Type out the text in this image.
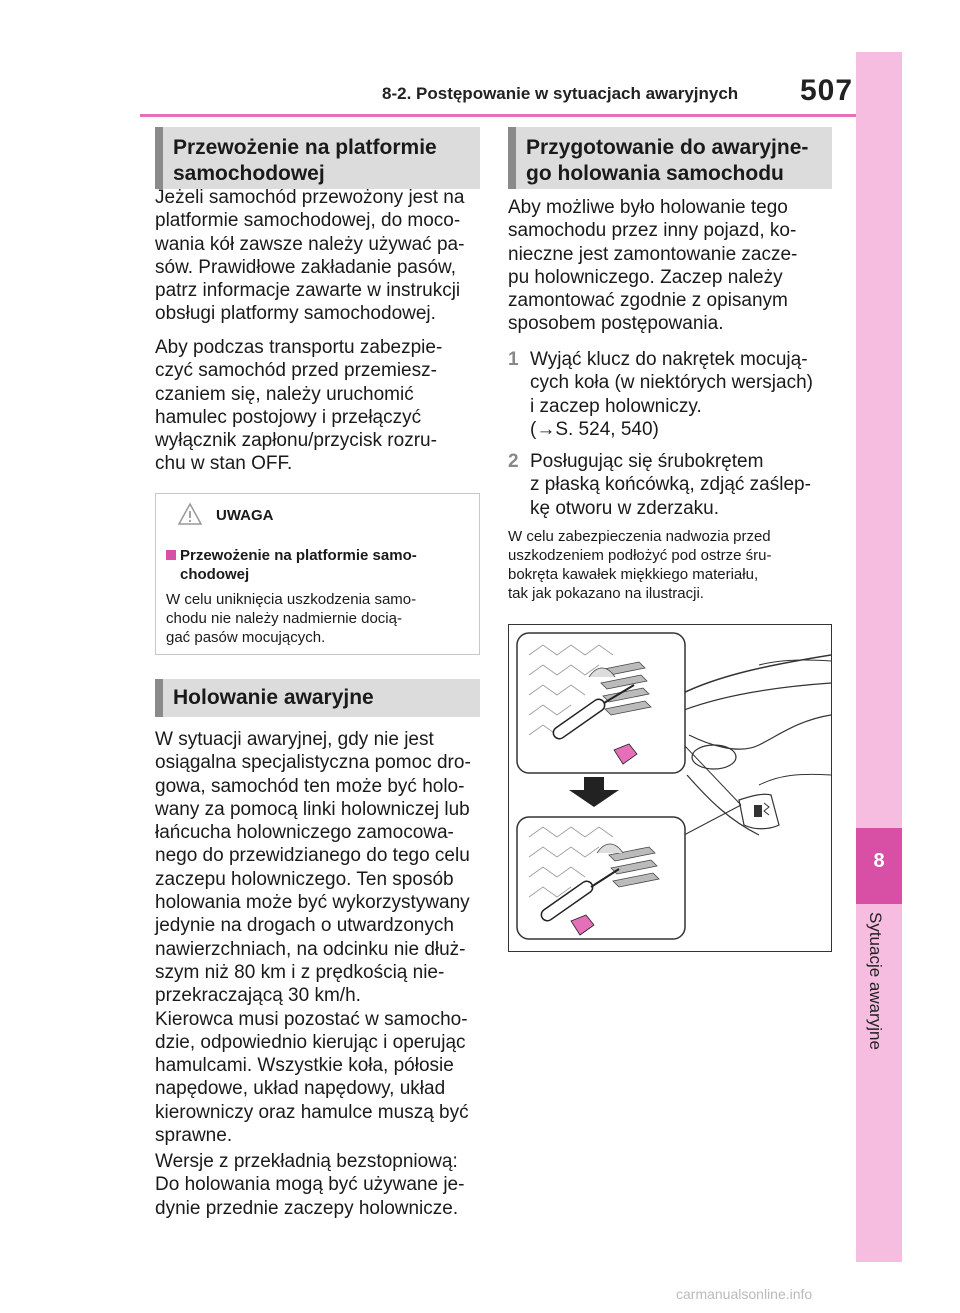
8-2. Postępowanie w sytuacjach awaryjnych 507
8
Sytuacje awaryjne
Przewożenie na platformie
samochodowej
Jeżeli samochód przewożony jest na
platformie samochodowej, do moco-
wania kół zawsze należy używać pa-
sów. Prawidłowe zakładanie pasów,
patrz informacje zawarte w instrukcji
obsługi platformy samochodowej.
Aby podczas transportu zabezpie-
czyć samochód przed przemiesz-
czaniem się, należy uruchomić
hamulec postojowy i przełączyć
wyłącznik zapłonu/przycisk rozru-
chu w stan OFF.
UWAGA
Przewożenie na platformie samo-
chodowej
W celu uniknięcia uszkodzenia samo-
chodu nie należy nadmiernie docią-
gać pasów mocujących.
Holowanie awaryjne
W sytuacji awaryjnej, gdy nie jest
osiągalna specjalistyczna pomoc dro-
gowa, samochód ten może być holo-
wany za pomocą linki holowniczej lub
łańcucha holowniczego zamocowa-
nego do przewidzianego do tego celu
zaczepu holowniczego. Ten sposób
holowania może być wykorzystywany
jedynie na drogach o utwardzonych
nawierzchniach, na odcinku nie dłuż-
szym niż 80 km i z prędkością nie-
przekraczającą 30 km/h.
Kierowca musi pozostać w samocho-
dzie, odpowiednio kierując i operując
hamulcami. Wszystkie koła, półosie
napędowe, układ napędowy, układ
kierowniczy oraz hamulce muszą być
sprawne.
Wersje z przekładnią bezstopniową:
Do holowania mogą być używane je-
dynie przednie zaczepy holownicze.
Przygotowanie do awaryjne-
go holowania samochodu
Aby możliwe było holowanie tego
samochodu przez inny pojazd, ko-
nieczne jest zamontowanie zacze-
pu holowniczego. Zaczep należy
zamontować zgodnie z opisanym
sposobem postępowania.
1 Wyjąć klucz do nakrętek mocują-
cych koła (w niektórych wersjach)
i zaczep holowniczy.
(→S. 524, 540)
2 Posługując się śrubokrętem
z płaską końcówką, zdjąć zaślep-
kę otworu w zderzaku.
W celu zabezpieczenia nadwozia przed
uszkodzeniem podłożyć pod ostrze śru-
bokręta kawałek miękkiego materiału,
tak jak pokazano na ilustracji.
carmanualsonline.info
